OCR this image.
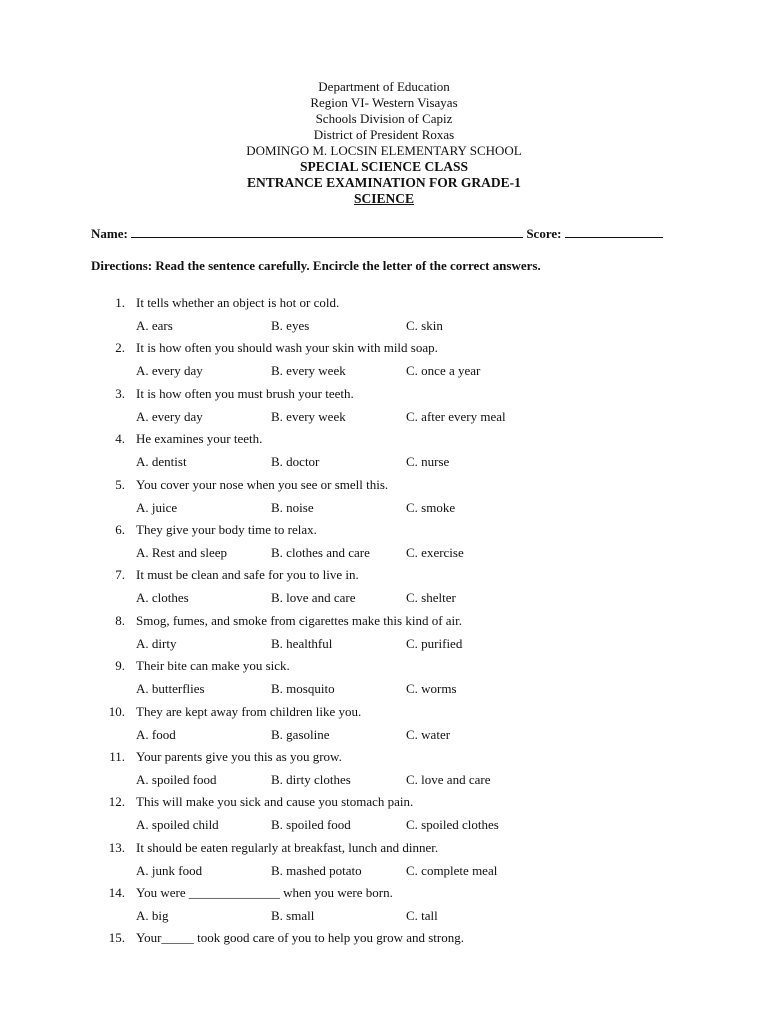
Department of Education
Region VI- Western Visayas
Schools Division of Capiz
District of President Roxas
DOMINGO M. LOCSIN ELEMENTARY SCHOOL
SPECIAL SCIENCE CLASS
ENTRANCE EXAMINATION FOR GRADE-1
SCIENCE
Name:	Score:
Directions: Read the sentence carefully. Encircle the letter of the correct answers.
1. It tells whether an object is hot or cold.
A. ears	B. eyes	C. skin
2. It is how often you should wash your skin with mild soap.
A. every day	B. every week	C. once a year
3. It is how often you must brush your teeth.
A. every day	B. every week	C. after every meal
4. He examines your teeth.
A. dentist	B. doctor	C. nurse
5. You cover your nose when you see or smell this.
A. juice	B. noise	C. smoke
6. They give your body time to relax.
A. Rest and sleep	B. clothes and care	C. exercise
7. It must be clean and safe for you to live in.
A. clothes	B. love and care	C. shelter
8. Smog, fumes, and smoke from cigarettes make this kind of air.
A. dirty	B. healthful	C. purified
9. Their bite can make you sick.
A. butterflies	B. mosquito	C. worms
10. They are kept away from children like you.
A. food	B. gasoline	C. water
11. Your parents give you this as you grow.
A. spoiled food	B. dirty clothes	C. love and care
12. This will make you sick and cause you stomach pain.
A. spoiled child	B. spoiled food	C. spoiled clothes
13. It should be eaten regularly at breakfast, lunch and dinner.
A. junk food	B. mashed potato	C. complete meal
14. You were ______________ when you were born.
A. big	B. small	C. tall
15. Your_____ took good care of you to help you grow and strong.
